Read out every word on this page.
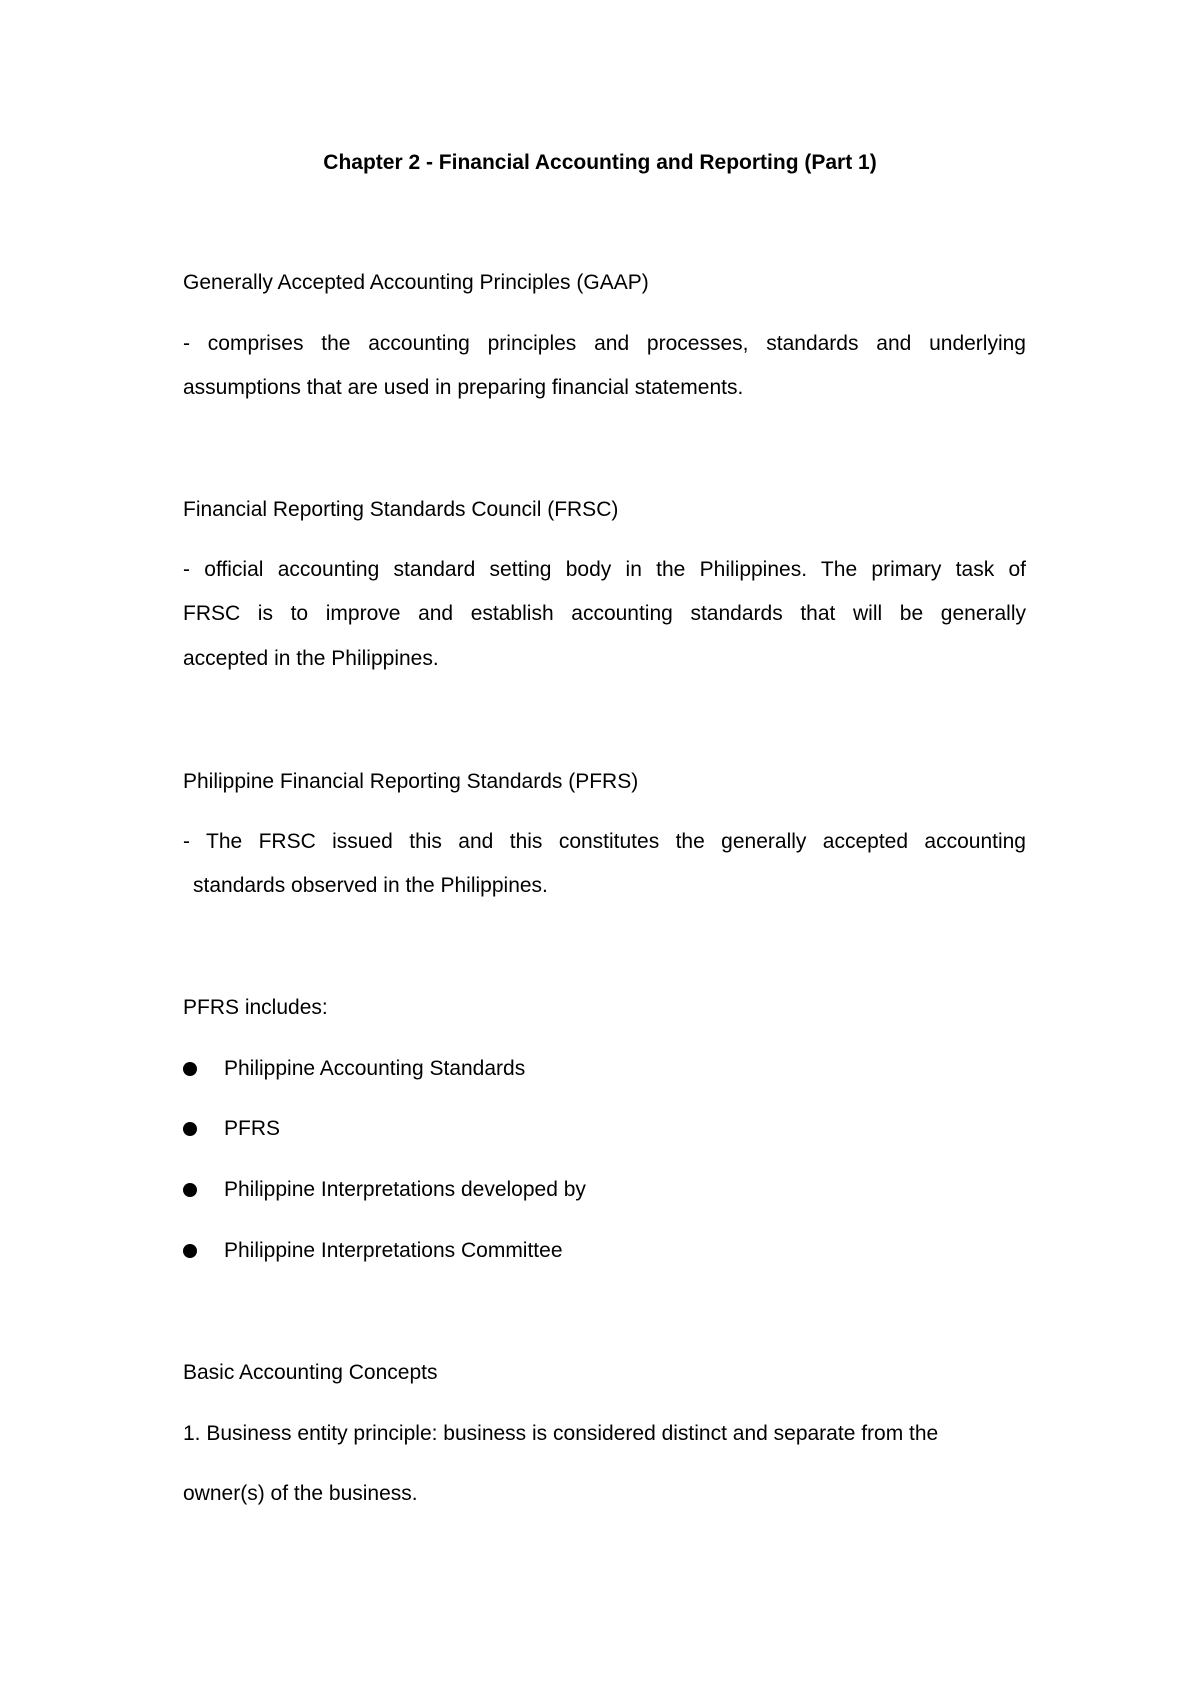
Chapter 2 - Financial Accounting and Reporting (Part 1)
Generally Accepted Accounting Principles (GAAP)
- comprises the accounting principles and processes, standards and underlying
assumptions that are used in preparing financial statements.
Financial Reporting Standards Council (FRSC)
- official accounting standard setting body in the Philippines. The primary task of
FRSC is to improve and establish accounting standards that will be generally
accepted in the Philippines.
Philippine Financial Reporting Standards (PFRS)
- The FRSC issued this and this constitutes the generally accepted accounting
standards observed in the Philippines.
PFRS includes:
Philippine Accounting Standards
PFRS
Philippine Interpretations developed by
Philippine Interpretations Committee
Basic Accounting Concepts
1. Business entity principle: business is considered distinct and separate from the
owner(s) of the business.
